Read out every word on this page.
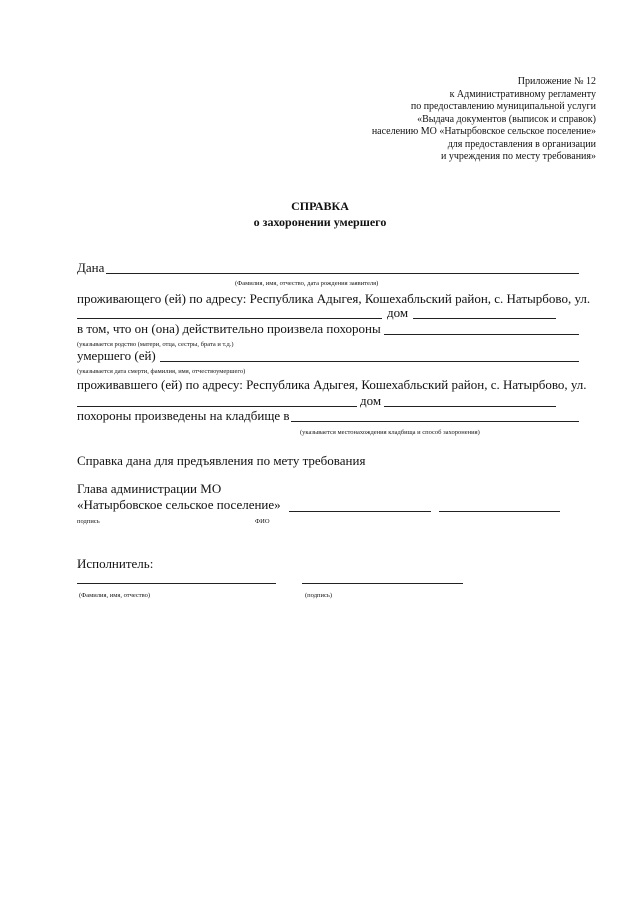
Приложение № 12
к Административному регламенту
по предоставлению муниципальной услуги
«Выдача документов (выписок и справок)
населению МО «Натырбовское сельское поселение»
для предоставления в организации
и учреждения по месту требования»
СПРАВКА
о захоронении умершего
Дана
(Фамилия, имя, отчество, дата рождения заявителя)
проживающего (ей) по адресу: Республика Адыгея, Кошехабльский район, с. Натырбово, ул.
дом
в том, что он (она) действительно произвела похороны
(указывается родство (матери, отца, сестры, брата и т.д.)
умершего (ей)
(указывается дата смерти, фамилия, имя, отчествоумершего)
проживавшего (ей) по адресу: Республика Адыгея, Кошехабльский район, с. Натырбово, ул.
дом
похороны произведены на кладбище в
(указывается местонахождения кладбища и способ захоронения)
Справка дана для предъявления по мету требования
Глава администрации МО
«Натырбовское сельское поселение»
подпись	ФИО
Исполнитель:
(Фамилия, имя, отчество)	(подпись)
